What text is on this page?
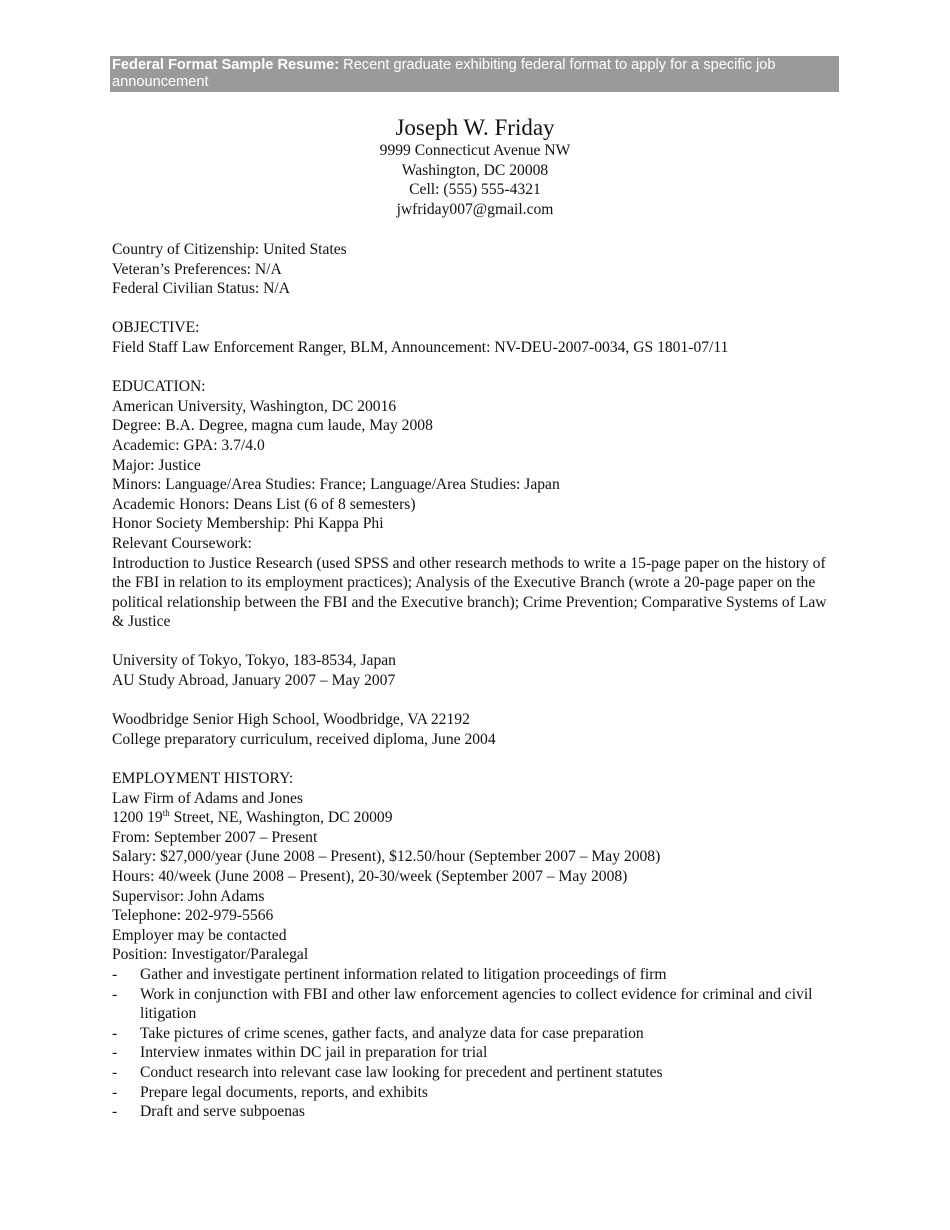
Federal Format Sample Resume: Recent graduate exhibiting federal format to apply for a specific job announcement
Joseph W. Friday
9999 Connecticut Avenue NW
Washington, DC 20008
Cell: (555) 555-4321
jwfriday007@gmail.com
Country of Citizenship: United States
Veteran’s Preferences: N/A
Federal Civilian Status: N/A
OBJECTIVE:
Field Staff Law Enforcement Ranger, BLM, Announcement: NV-DEU-2007-0034, GS 1801-07/11
EDUCATION:
American University, Washington, DC 20016
Degree: B.A. Degree, magna cum laude, May 2008
Academic: GPA: 3.7/4.0
Major: Justice
Minors: Language/Area Studies: France; Language/Area Studies: Japan
Academic Honors: Deans List (6 of 8 semesters)
Honor Society Membership: Phi Kappa Phi
Relevant Coursework:
Introduction to Justice Research (used SPSS and other research methods to write a 15-page paper on the history of the FBI in relation to its employment practices); Analysis of the Executive Branch (wrote a 20-page paper on the political relationship between the FBI and the Executive branch); Crime Prevention; Comparative Systems of Law & Justice
University of Tokyo, Tokyo, 183-8534, Japan
AU Study Abroad, January 2007 – May 2007
Woodbridge Senior High School, Woodbridge, VA 22192
College preparatory curriculum, received diploma, June 2004
EMPLOYMENT HISTORY:
Law Firm of Adams and Jones
1200 19th Street, NE, Washington, DC 20009
From: September 2007 – Present
Salary: $27,000/year (June 2008 – Present), $12.50/hour (September 2007 – May 2008)
Hours: 40/week (June 2008 – Present), 20-30/week (September 2007 – May 2008)
Supervisor: John Adams
Telephone: 202-979-5566
Employer may be contacted
Position: Investigator/Paralegal
-	Gather and investigate pertinent information related to litigation proceedings of firm
-	Work in conjunction with FBI and other law enforcement agencies to collect evidence for criminal and civil litigation
-	Take pictures of crime scenes, gather facts, and analyze data for case preparation
-	Interview inmates within DC jail in preparation for trial
-	Conduct research into relevant case law looking for precedent and pertinent statutes
-	Prepare legal documents, reports, and exhibits
-	Draft and serve subpoenas
